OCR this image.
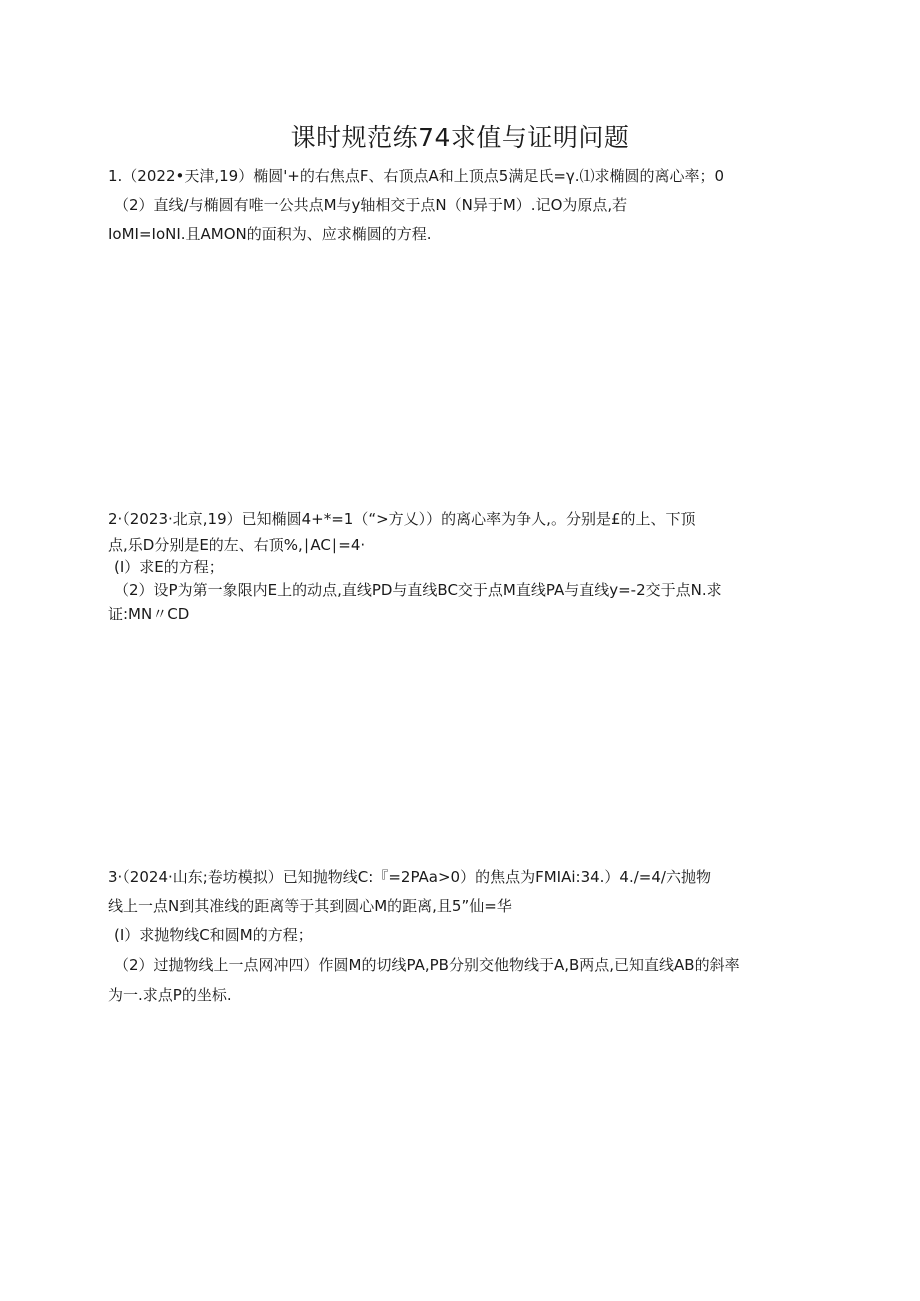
课时规范练74求值与证明问题

1.（2022•天津,19）椭圆'+的右焦点F、右顶点A和上顶点5满足氏=γ.⑴求椭圆的离心率；0

（2）直线/与椭圆有唯一公共点M与y轴相交于点N（N异于M）.记O为原点,若

IoMI=IoNI.且AMON的面积为、应求椭圆的方程.

2·（2023·北京,19）已知椭圆4+*=1（“>方乂））的离心率为争人,。分别是£的上、下顶

点,乐D分别是E的左、右顶%,∣AC∣=4·

(I）求E的方程；

（2）设P为第一象限内E上的动点,直线PD与直线BC交于点M直线PA与直线y=-2交于点N.求

证:MN〃CD

3·（2024·山东;卷坊模拟）已知抛物线C:『=2PAa>0）的焦点为FMIAi:34.）4./=4/六抛物

线上一点N到其准线的距离等于其到圆心M的距离,且5”仙=华

(I）求抛物线C和圆M的方程；

（2）过抛物线上一点网冲四）作圆M的切线PA,PB分别交他物线于A,B两点,已知直线AB的斜率

为一.求点P的坐标.
